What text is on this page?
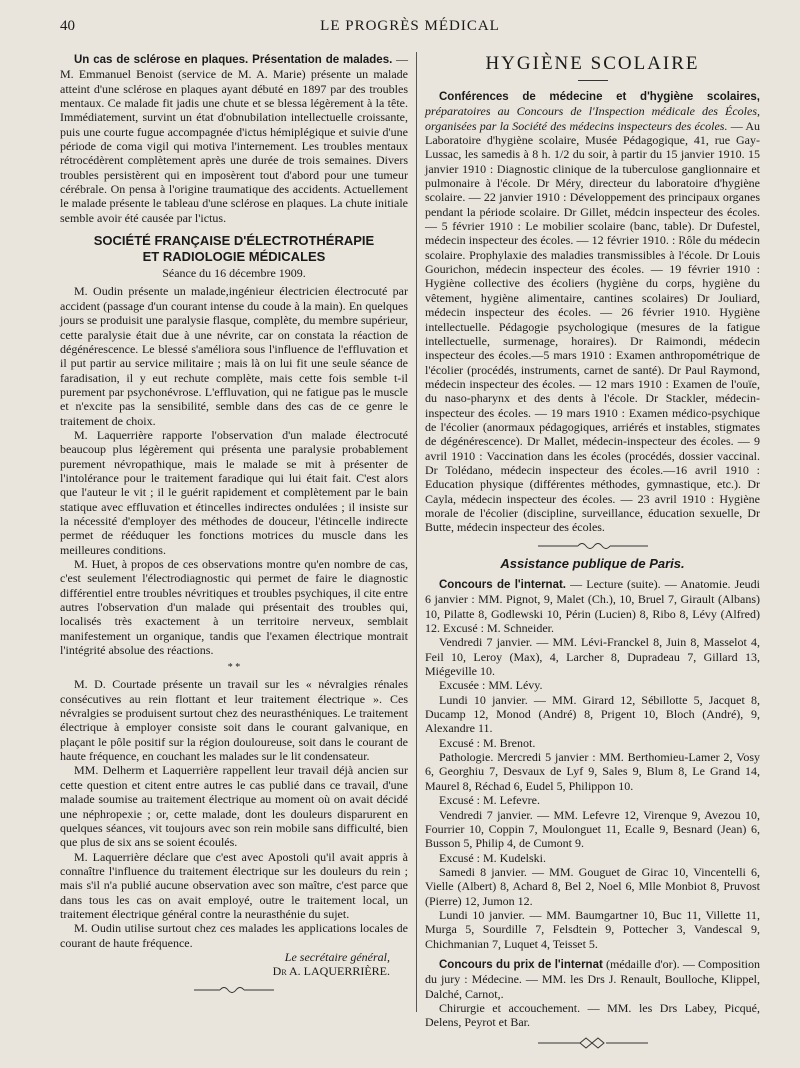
40	LE PROGRÈS MÉDICAL

Un cas de sclérose en plaques. Présentation de malades. — M. Emmanuel Benoist (service de M. A. Marie) présente un malade atteint d'une sclérose en plaques ayant débuté en 1897 par des troubles mentaux. Ce malade fit jadis une chute et se blessa légèrement à la tête. Immédiatement, survint un état d'obnubilation intellectuelle croissante, puis une courte fugue accompagnée d'ictus hémiplégique et suivie d'une période de coma vigil qui motiva l'internement. Les troubles mentaux rétrocédèrent complètement après une durée de trois semaines. Divers troubles persistèrent qui en imposèrent tout d'abord pour une tumeur cérébrale. On pensa à l'origine traumatique des accidents. Actuellement le malade présente le tableau d'une sclérose en plaques. La chute initiale semble avoir été causée par l'ictus.

SOCIÉTÉ FRANÇAISE D'ÉLECTROTHÉRAPIE
ET RADIOLOGIE MÉDICALES
Séance du 16 décembre 1909.

M. Oudin présente un malade,ingénieur électricien électrocuté par accident (passage d'un courant intense du coude à la main). En quelques jours se produisit une paralysie flasque, complète, du membre supérieur, cette paralysie était due à une névrite, car on constata la réaction de dégénérescence. Le blessé s'améliora sous l'influence de l'effluvation et il put partir au service militaire ; mais là on lui fit une seule séance de faradisation, il y eut rechute complète, mais cette fois semble t-il purement par psychonévrose. L'effluvation, qui ne fatigue pas le muscle et n'excite pas la sensibilité, semble dans des cas de ce genre le traitement de choix.

M. Laquerrière rapporte l'observation d'un malade électrocuté beaucoup plus légèrement qui présenta une paralysie probablement purement névropathique, mais le malade se mit à présenter de l'intolérance pour le traitement faradique qui lui était fait. C'est alors que l'auteur le vit ; il le guérit rapidement et complètement par le bain statique avec effluvation et étincelles indirectes ondulées ; il insiste sur la nécessité d'employer des méthodes de douceur, l'étincelle indirecte permet de rééduquer les fonctions motrices du muscle dans les meilleures conditions.

M. Huet, à propos de ces observations montre qu'en nombre de cas, c'est seulement l'électrodiagnostic qui permet de faire le diagnostic différentiel entre troubles névritiques et troubles psychiques, il cite entre autres l'observation d'un malade qui présentait des troubles qui, localisés très exactement à un territoire nerveux, semblait manifestement un organique, tandis que l'examen électrique montrait l'intégrité absolue des réactions.

* *

M. D. Courtade présente un travail sur les « névralgies rénales consécutives au rein flottant et leur traitement électrique ». Ces névralgies se produisent surtout chez des neurasthéniques. Le traitement électrique à employer consiste soit dans le courant galvanique, en plaçant le pôle positif sur la région douloureuse, soit dans le courant de haute fréquence, en couchant les malades sur le lit condensateur.

MM. Delherm et Laquerrière rappellent leur travail déjà ancien sur cette question et citent entre autres le cas publié dans ce travail, d'une malade soumise au traitement électrique au moment où on avait décidé une néphropexie ; or, cette malade, dont les douleurs disparurent en quelques séances, vit toujours avec son rein mobile sans difficulté, bien que plus de six ans se soient écoulés.

M. Laquerrière déclare que c'est avec Apostoli qu'il avait appris à connaître l'influence du traitement électrique sur les douleurs du rein ; mais s'il n'a publié aucune observation avec son maître, c'est parce que dans tous les cas on avait employé, outre le traitement local, un traitement électrique général contre la neurasthénie du sujet.

M. Oudin utilise surtout chez ces malades les applications locales de courant de haute fréquence.

Le secrétaire général,
Dr A. LAQUERRIÈRE.
HYGIÈNE SCOLAIRE

Conférences de médecine et d'hygiène scolaires, préparatoires au Concours de l'Inspection médicale des Écoles, organisées par la Société des médecins inspecteurs des écoles. — Au Laboratoire d'hygiène scolaire, Musée Pédagogique, 41, rue Gay-Lussac, les samedis à 8 h. 1/2 du soir, à partir du 15 janvier 1910. 15 janvier 1910 : Diagnostic clinique de la tuberculose ganglionnaire et pulmonaire à l'école. Dr Méry, directeur du laboratoire d'hygiène scolaire. — 22 janvier 1910 : Développement des principaux organes pendant la période scolaire. Dr Gillet, médcin inspecteur des écoles. — 5 février 1910 : Le mobilier scolaire (banc, table). Dr Dufestel, médecin inspecteur des écoles. — 12 février 1910. : Rôle du médecin scolaire. Prophylaxie des maladies transmissibles à l'école. Dr Louis Gourichon, médecin inspecteur des écoles. — 19 février 1910 : Hygiène collective des écoliers (hygiène du corps, hygiène du vêtement, hygiène alimentaire, cantines scolaires) Dr Jouliard, médecin inspecteur des écoles. — 26 février 1910. Hygiène intellectuelle. Pédagogie psychologique (mesures de la fatigue intellectuelle, surmenage, horaires). Dr Raimondi, médecin inspecteur des écoles.—5 mars 1910 : Examen anthropométrique de l'écolier (procédés, instruments, carnet de santé). Dr Paul Raymond, médecin inspecteur des écoles. — 12 mars 1910 : Examen de l'ouïe, du naso-pharynx et des dents à l'école. Dr Stackler, médecin-inspecteur des écoles. — 19 mars 1910 : Examen médico-psychique de l'écolier (anormaux pédagogiques, arriérés et instables, stigmates de dégénérescence). Dr Mallet, médecin-inspecteur des écoles. — 9 avril 1910 : Vaccination dans les écoles (procédés, dossier vaccinal. Dr Tolédano, médecin inspecteur des écoles.—16 avril 1910 : Education physique (différentes méthodes, gymnastique, etc.). Dr Cayla, médecin inspecteur des écoles. — 23 avril 1910 : Hygiène morale de l'écolier (discipline, surveillance, éducation sexuelle, Dr Butte, médecin inspecteur des écoles.

Assistance publique de Paris.

Concours de l'internat. — Lecture (suite). — Anatomie. Jeudi 6 janvier : MM. Pignot, 9, Malet (Ch.), 10, Bruel 7, Girault (Albans) 10, Pilatte 8, Godlewski 10, Périn (Lucien) 8, Ribo 8, Lévy (Alfred) 12. Excusé : M. Schneider.

Vendredi 7 janvier. — MM. Lévi-Franckel 8, Juin 8, Masselot 4, Feil 10, Leroy (Max), 4, Larcher 8, Dupradeau 7, Gillard 13, Miégeville 10.

Excusée : MM. Lévy.

Lundi 10 janvier. — MM. Girard 12, Sébillotte 5, Jacquet 8, Ducamp 12, Monod (André) 8, Prigent 10, Bloch (André), 9, Alexandre 11.

Excusé : M. Brenot.

Pathologie. Mercredi 5 janvier : MM. Berthomieu-Lamer 2, Vosy 6, Georghiu 7, Desvaux de Lyf 9, Sales 9, Blum 8, Le Grand 14, Maurel 8, Réchad 6, Eudel 5, Philippon 10.

Excusé : M. Lefevre.

Vendredi 7 janvier. — MM. Lefevre 12, Virenque 9, Avezou 10, Fourrier 10, Coppin 7, Moulonguet 11, Ecalle 9, Besnard (Jean) 6, Busson 5, Philip 4, de Cumont 9.

Excusé : M. Kudelski.

Samedi 8 janvier. — MM. Gouguet de Girac 10, Vincentelli 6, Vielle (Albert) 8, Achard 8, Bel 2, Noel 6, Mlle Monbiot 8, Pruvost (Pierre) 12, Jumon 12.

Lundi 10 janvier. — MM. Baumgartner 10, Buc 11, Villette 11, Murga 5, Sourdille 7, Felsdtein 9, Pottecher 3, Vandescal 9, Chichmanian 7, Luquet 4, Teisset 5.

Concours du prix de l'internat (médaille d'or). — Composition du jury : Médecine. — MM. les Drs J. Renault, Boulloche, Klippel, Dalché, Carnot,.

Chirurgie et accouchement. — MM. les Drs Labey, Picqué, Delens, Peyrot et Bar.
